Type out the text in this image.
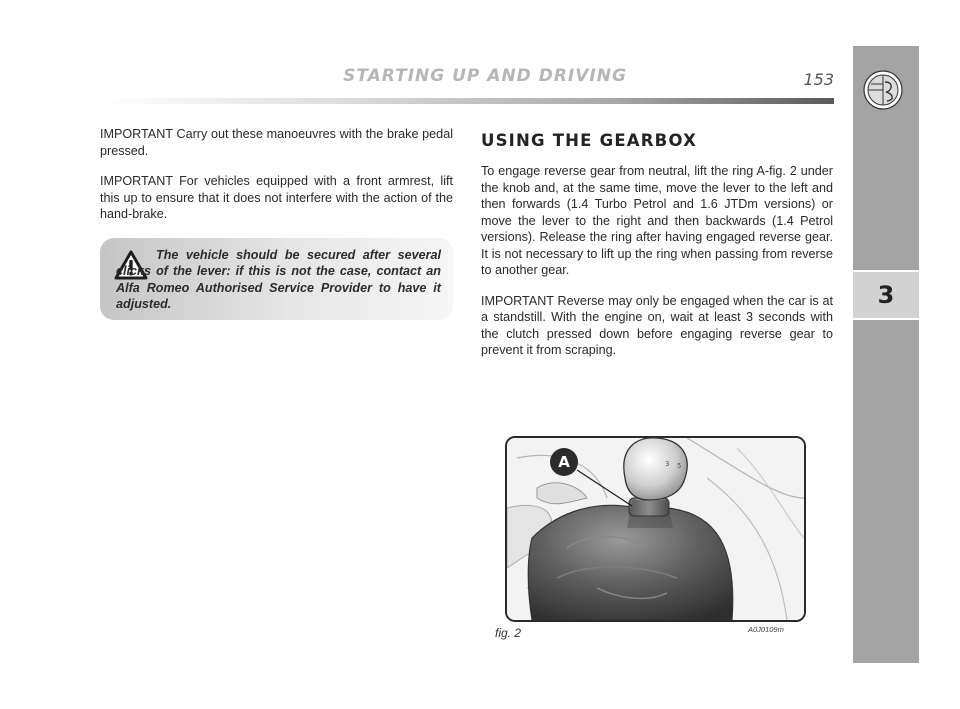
STARTING UP AND DRIVING	153
3

IMPORTANT Carry out these manoeuvres with the brake pedal pressed.

IMPORTANT For vehicles equipped with a front armrest, lift this up to ensure that it does not interfere with the action of the hand-brake.

The vehicle should be secured after several clicks of the lever: if this is not the case, contact an Alfa Romeo Authorised Service Provider to have it adjusted.
USING THE GEARBOX

To engage reverse gear from neutral, lift the ring A-fig. 2 under the knob and, at the same time, move the lever to the left and then forwards (1.4 Turbo Petrol and 1.6 JTDm versions) or move the lever to the right and then backwards (1.4 Petrol versions). Release the ring after having engaged reverse gear. It is not necessary to lift up the ring when passing from reverse to another gear.

IMPORTANT Reverse may only be engaged when the car is at a standstill. With the engine on, wait at least 3 seconds with the clutch pressed down before engaging reverse gear to prevent it from scraping.

3 5
A
fig. 2	A0J0109m
